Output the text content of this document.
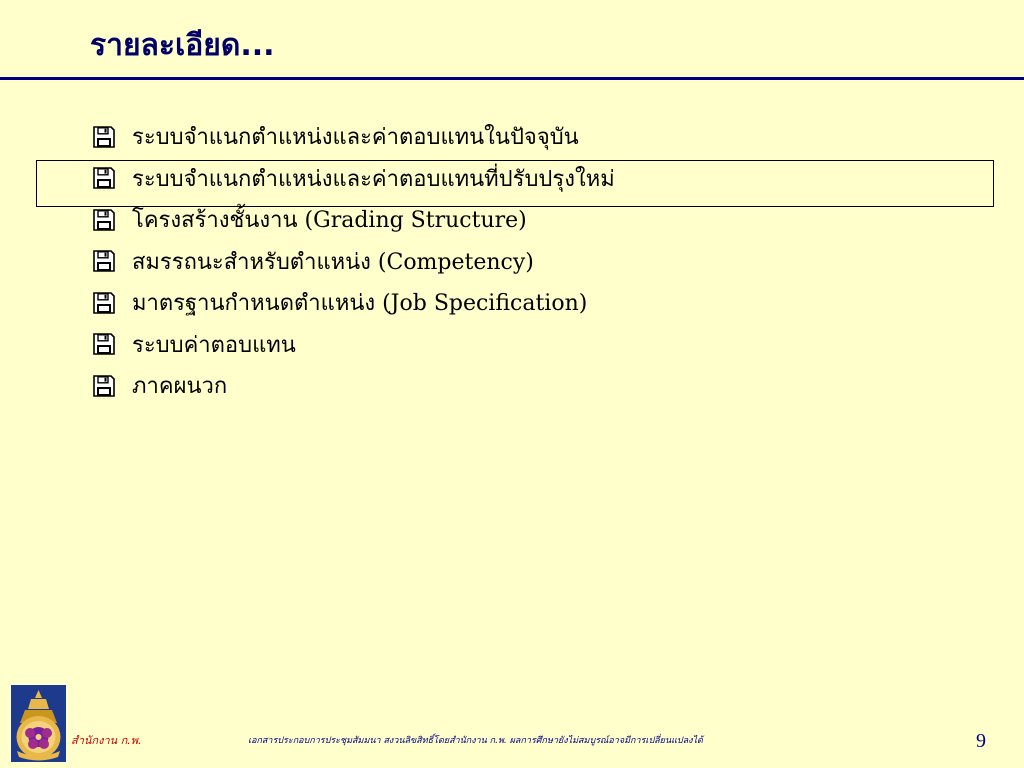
รายละเอียด...
ระบบจำแนกตำแหน่งและค่าตอบแทนในปัจจุบัน
ระบบจำแนกตำแหน่งและค่าตอบแทนที่ปรับปรุงใหม่
โครงสร้างชั้นงาน (Grading Structure)
สมรรถนะสำหรับตำแหน่ง (Competency)
มาตรฐานกำหนดตำแหน่ง (Job Specification)
ระบบค่าตอบแทน
ภาคผนวก
สำนักงาน ก.พ.	เอกสารประกอบการประชุมสัมมนา สงวนลิขสิทธิ์โดยสำนักงาน ก.พ. ผลการศึกษายังไม่สมบูรณ์อาจมีการเปลี่ยนแปลงได้	9
